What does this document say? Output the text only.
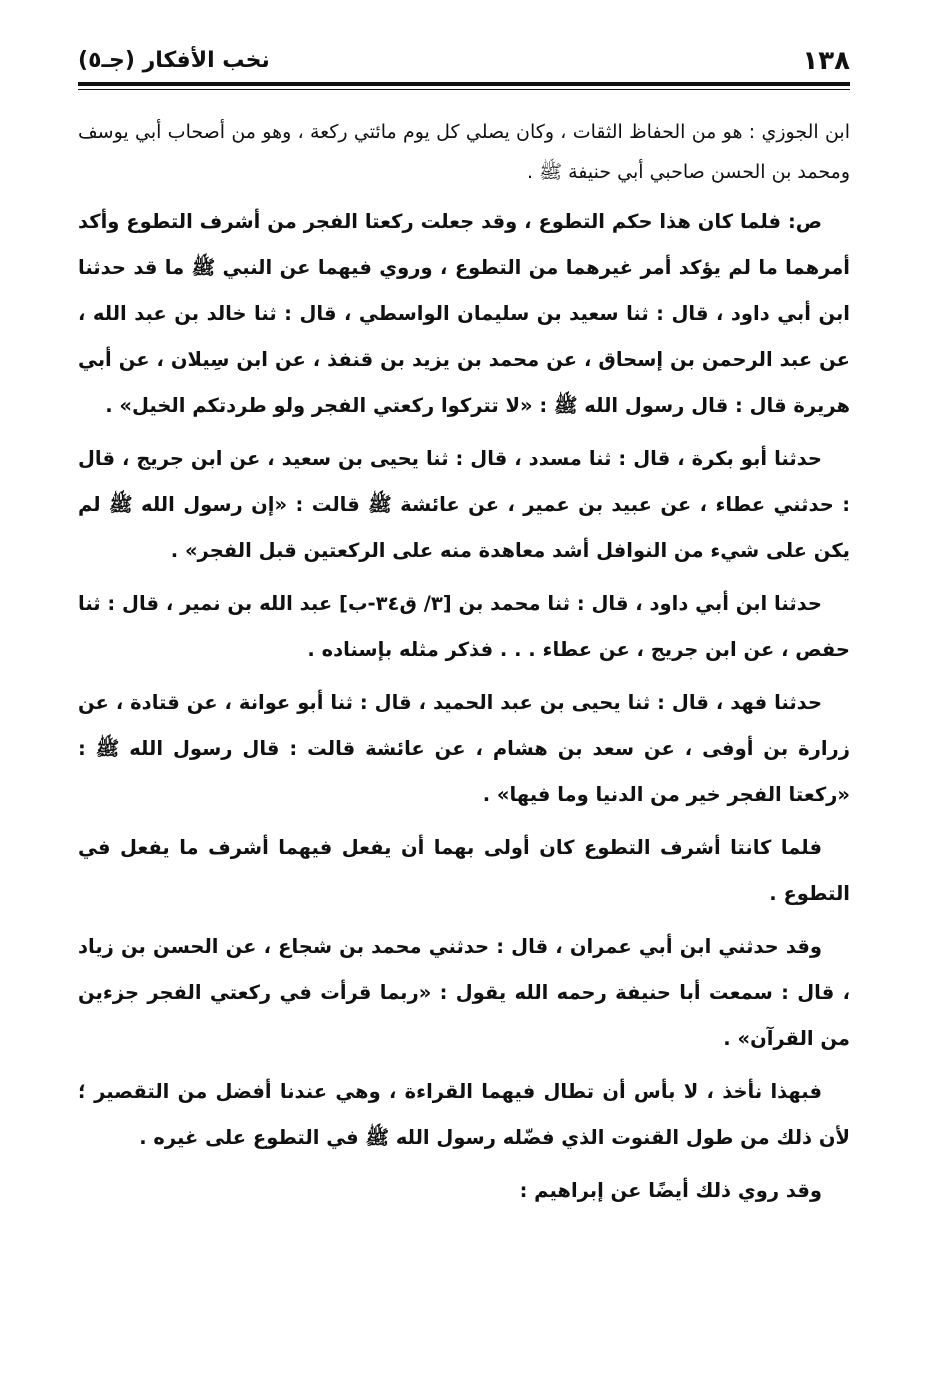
١٣٨
نخب الأفكار (جـ٥)

ابن الجوزي : هو من الحفاظ الثقات ، وكان يصلي كل يوم مائتي ركعة ، وهو من أصحاب أبي يوسف ومحمد بن الحسن صاحبي أبي حنيفة ﷺ .

ص: فلما كان هذا حكم التطوع ، وقد جعلت ركعتا الفجر من أشرف التطوع وأكد أمرهما ما لم يؤكد أمر غيرهما من التطوع ، وروي فيهما عن النبي ﷺ ما قد حدثنا ابن أبي داود ، قال : ثنا سعيد بن سليمان الواسطي ، قال : ثنا خالد بن عبد الله ، عن عبد الرحمن بن إسحاق ، عن محمد بن يزيد بن قنفذ ، عن ابن سِيلان ، عن أبي هريرة قال : قال رسول الله ﷺ : «لا تتركوا ركعتي الفجر ولو طردتكم الخيل» .

حدثنا أبو بكرة ، قال : ثنا مسدد ، قال : ثنا يحيى بن سعيد ، عن ابن جريج ، قال : حدثني عطاء ، عن عبيد بن عمير ، عن عائشة ﷺ قالت : «إن رسول الله ﷺ لم يكن على شيء من النوافل أشد معاهدة منه على الركعتين قبل الفجر» .

حدثنا ابن أبي داود ، قال : ثنا محمد بن [٣/ ق٣٤-ب] عبد الله بن نمير ، قال : ثنا حفص ، عن ابن جريج ، عن عطاء . . . فذكر مثله بإسناده .

حدثنا فهد ، قال : ثنا يحيى بن عبد الحميد ، قال : ثنا أبو عوانة ، عن قتادة ، عن زرارة بن أوفى ، عن سعد بن هشام ، عن عائشة قالت : قال رسول الله ﷺ : «ركعتا الفجر خير من الدنيا وما فيها» .

فلما كانتا أشرف التطوع كان أولى بهما أن يفعل فيهما أشرف ما يفعل في التطوع .

وقد حدثني ابن أبي عمران ، قال : حدثني محمد بن شجاع ، عن الحسن بن زياد ، قال : سمعت أبا حنيفة رحمه الله يقول : «ربما قرأت في ركعتي الفجر جزءين من القرآن» .

فبهذا نأخذ ، لا بأس أن تطال فيهما القراءة ، وهي عندنا أفضل من التقصير ؛ لأن ذلك من طول القنوت الذي فضّله رسول الله ﷺ في التطوع على غيره .

وقد روي ذلك أيضًا عن إبراهيم :
